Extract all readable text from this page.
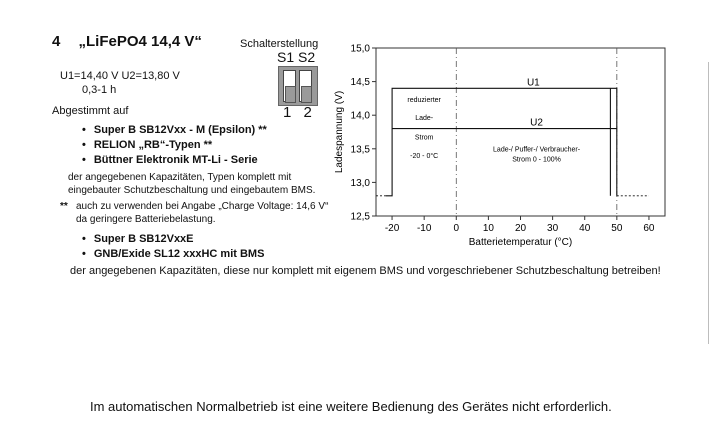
4 „LiFePO4 14,4 V“	Schalterstellung
S1 S2
1 2
U1=14,40 V U2=13,80 V
0,3-1 h
Abgestimmt auf
• Super B SB12Vxx - M (Epsilon) **
• RELION „RB“-Typen **
• Büttner Elektronik MT-Li - Serie
der angegebenen Kapazitäten, Typen komplett mit
eingebauter Schutzbeschaltung und eingebautem BMS.
** auch zu verwenden bei Angabe „Charge Voltage: 14,6 V“
da geringere Batteriebelastung.
• Super B SB12VxxE
• GNB/Exide SL12 xxxHC mit BMS
der angegebenen Kapazitäten, diese nur komplett mit eigenem BMS und vorgeschriebener Schutzbeschaltung betreiben!
-20 -10 0 10 20 30 40 50 60
12,5
13,0
13,5
14,0
14,5
15,0
Batterietemperatur (°C)
Ladespannung (V)
U1
U2
reduzierter
Lade-
Strom
-20 - 0°C
Lade-/ Puffer-/ Verbraucher-
Strom 0 - 100%
Im automatischen Normalbetrieb ist eine weitere Bedienung des Gerätes nicht erforderlich.
